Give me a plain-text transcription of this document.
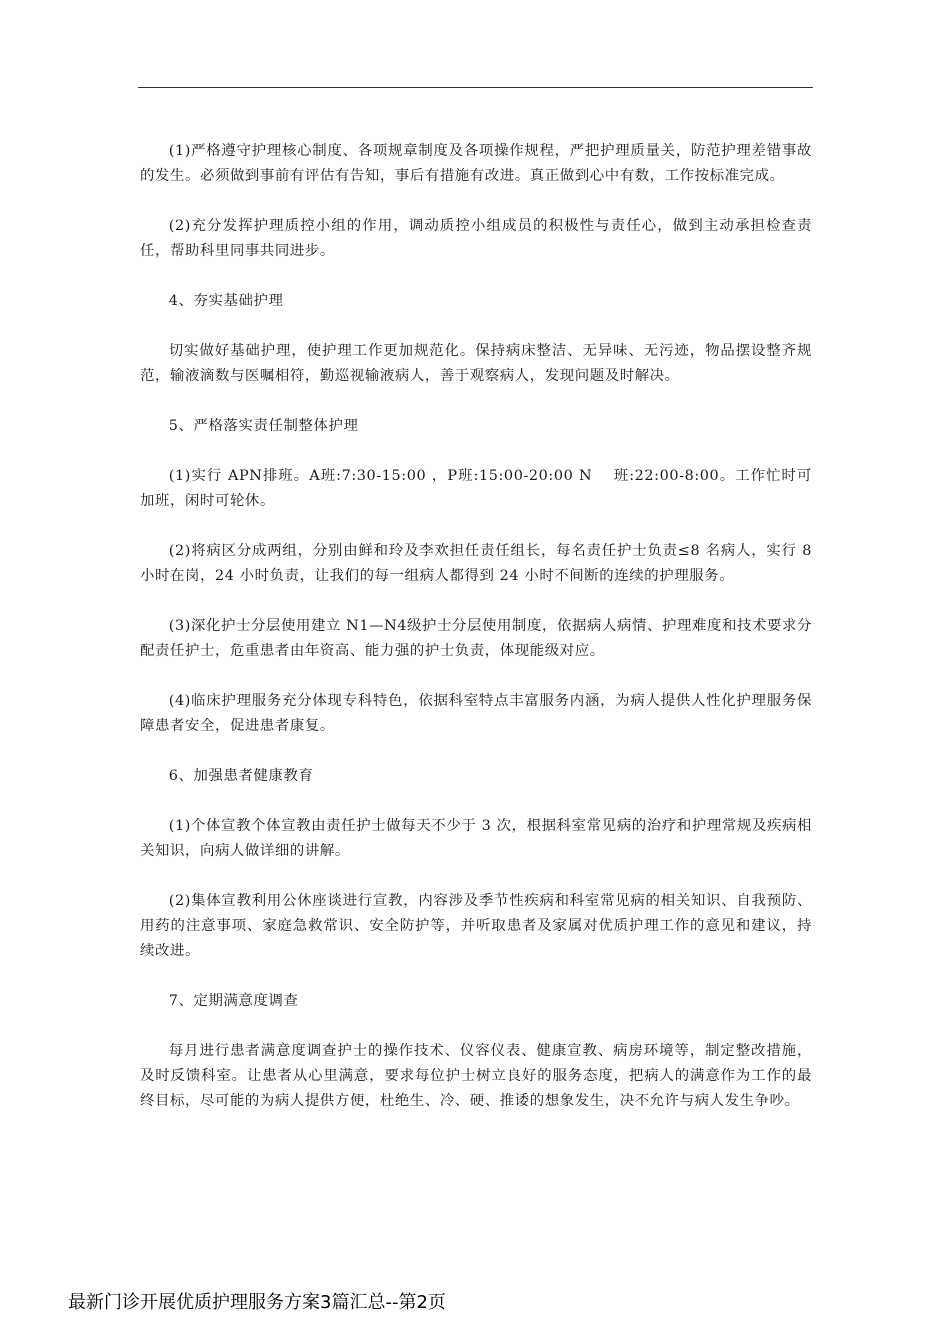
(1)严格遵守护理核心制度、各项规章制度及各项操作规程，严把护理质量关，防范护理差错事故的发生。必须做到事前有评估有告知，事后有措施有改进。真正做到心中有数，工作按标准完成。

(2)充分发挥护理质控小组的作用，调动质控小组成员的积极性与责任心，做到主动承担检查责任，帮助科里同事共同进步。

4、夯实基础护理

切实做好基础护理，使护理工作更加规范化。保持病床整洁、无异味、无污迹，物品摆设整齐规范，输液滴数与医嘱相符，勤巡视输液病人，善于观察病人，发现问题及时解决。

5、严格落实责任制整体护理

(1)实行 APN排班。A班:7:30-15:00 ，P班:15:00-20:00 N　 班:22:00-8:00。工作忙时可加班，闲时可轮休。

(2)将病区分成两组，分别由鲜和玲及李欢担任责任组长，每名责任护士负责≤8 名病人，实行 8 小时在岗，24 小时负责，让我们的每一组病人都得到 24 小时不间断的连续的护理服务。

(3)深化护士分层使用建立 N1—N4级护士分层使用制度，依据病人病情、护理难度和技术要求分配责任护士，危重患者由年资高、能力强的护士负责，体现能级对应。

(4)临床护理服务充分体现专科特色，依据科室特点丰富服务内涵，为病人提供人性化护理服务保障患者安全，促进患者康复。

6、加强患者健康教育

(1)个体宣教个体宣教由责任护士做每天不少于 3 次，根据科室常见病的治疗和护理常规及疾病相关知识，向病人做详细的讲解。

(2)集体宣教利用公休座谈进行宣教，内容涉及季节性疾病和科室常见病的相关知识、自我预防、用药的注意事项、家庭急救常识、安全防护等，并听取患者及家属对优质护理工作的意见和建议，持续改进。

7、定期满意度调查

每月进行患者满意度调查护士的操作技术、仪容仪表、健康宣教、病房环境等，制定整改措施，及时反馈科室。让患者从心里满意，要求每位护士树立良好的服务态度，把病人的满意作为工作的最终目标，尽可能的为病人提供方便，杜绝生、冷、硬、推诿的想象发生，决不允许与病人发生争吵。

最新门诊开展优质护理服务方案3篇汇总--第2页
